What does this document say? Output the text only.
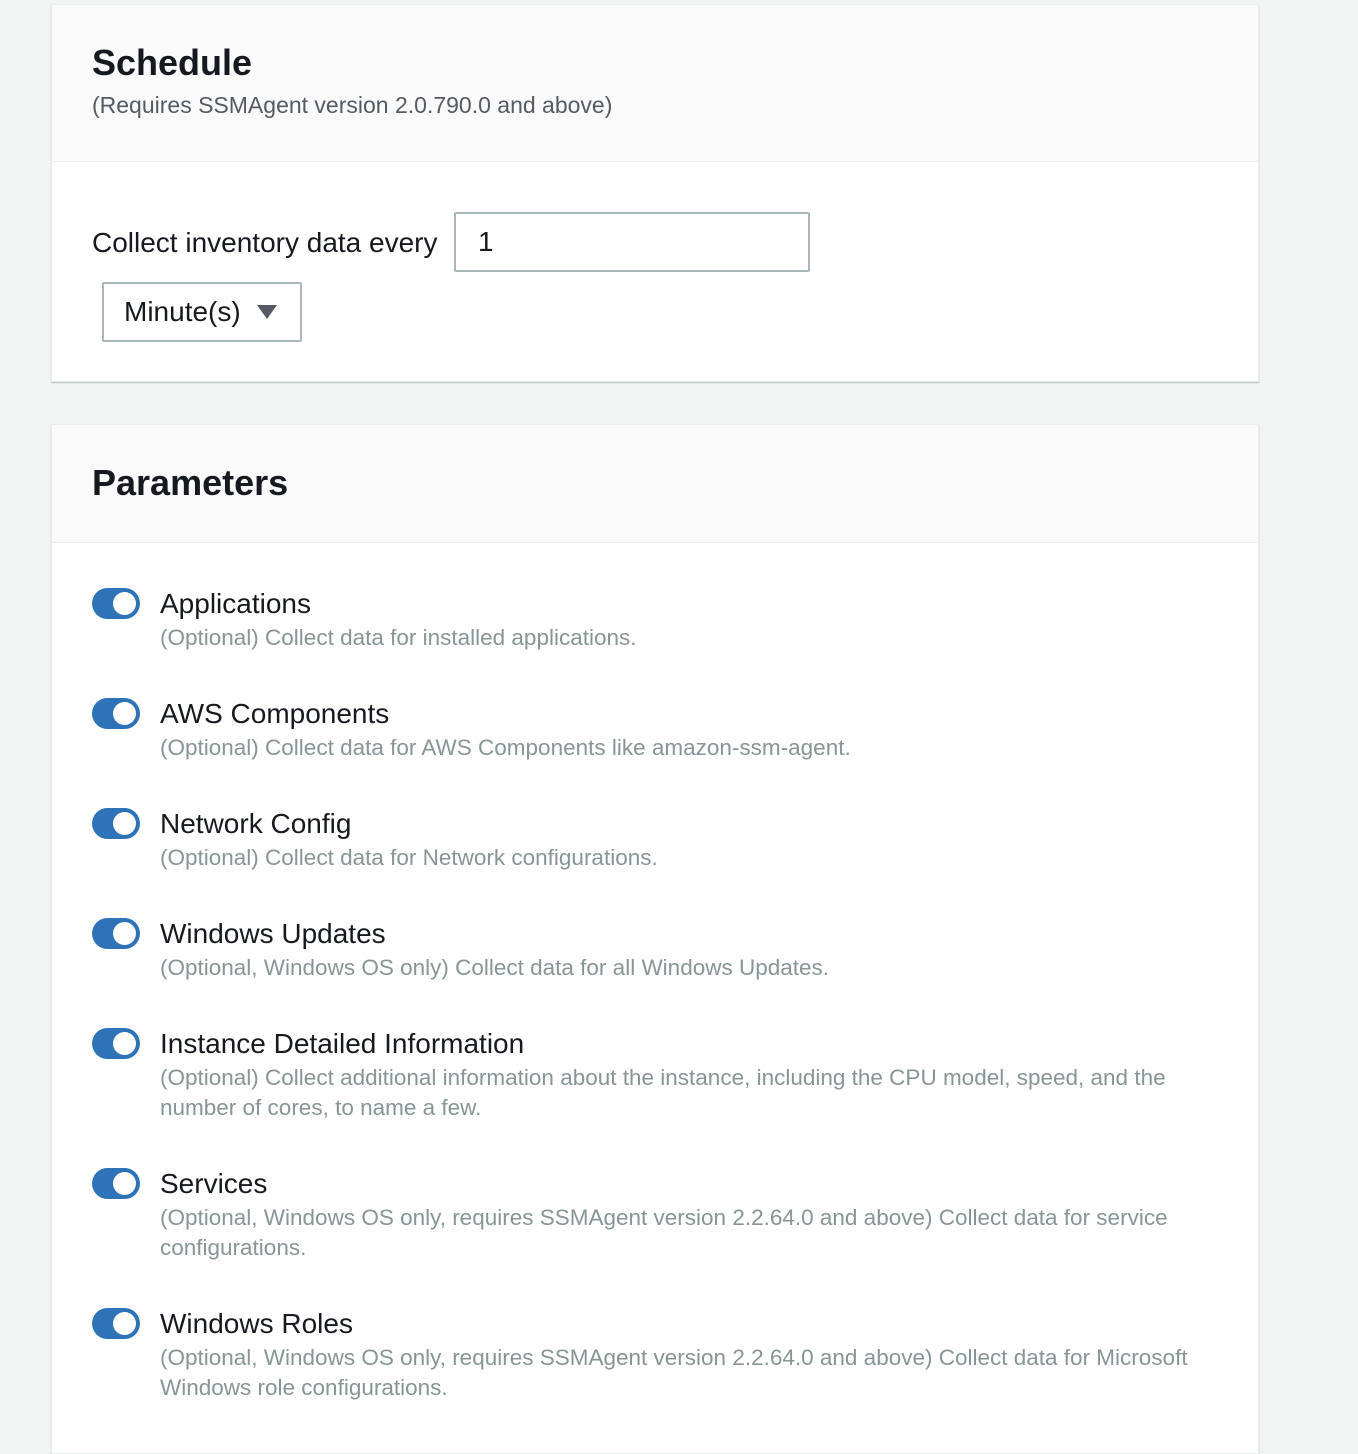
Schedule
(Requires SSMAgent version 2.0.790.0 and above)
Collect inventory data every
1
Minute(s)
Parameters
Applications
(Optional) Collect data for installed applications.
AWS Components
(Optional) Collect data for AWS Components like amazon-ssm-agent.
Network Config
(Optional) Collect data for Network configurations.
Windows Updates
(Optional, Windows OS only) Collect data for all Windows Updates.
Instance Detailed Information
(Optional) Collect additional information about the instance, including the CPU model, speed, and the number of cores, to name a few.
Services
(Optional, Windows OS only, requires SSMAgent version 2.2.64.0 and above) Collect data for service configurations.
Windows Roles
(Optional, Windows OS only, requires SSMAgent version 2.2.64.0 and above) Collect data for Microsoft Windows role configurations.
